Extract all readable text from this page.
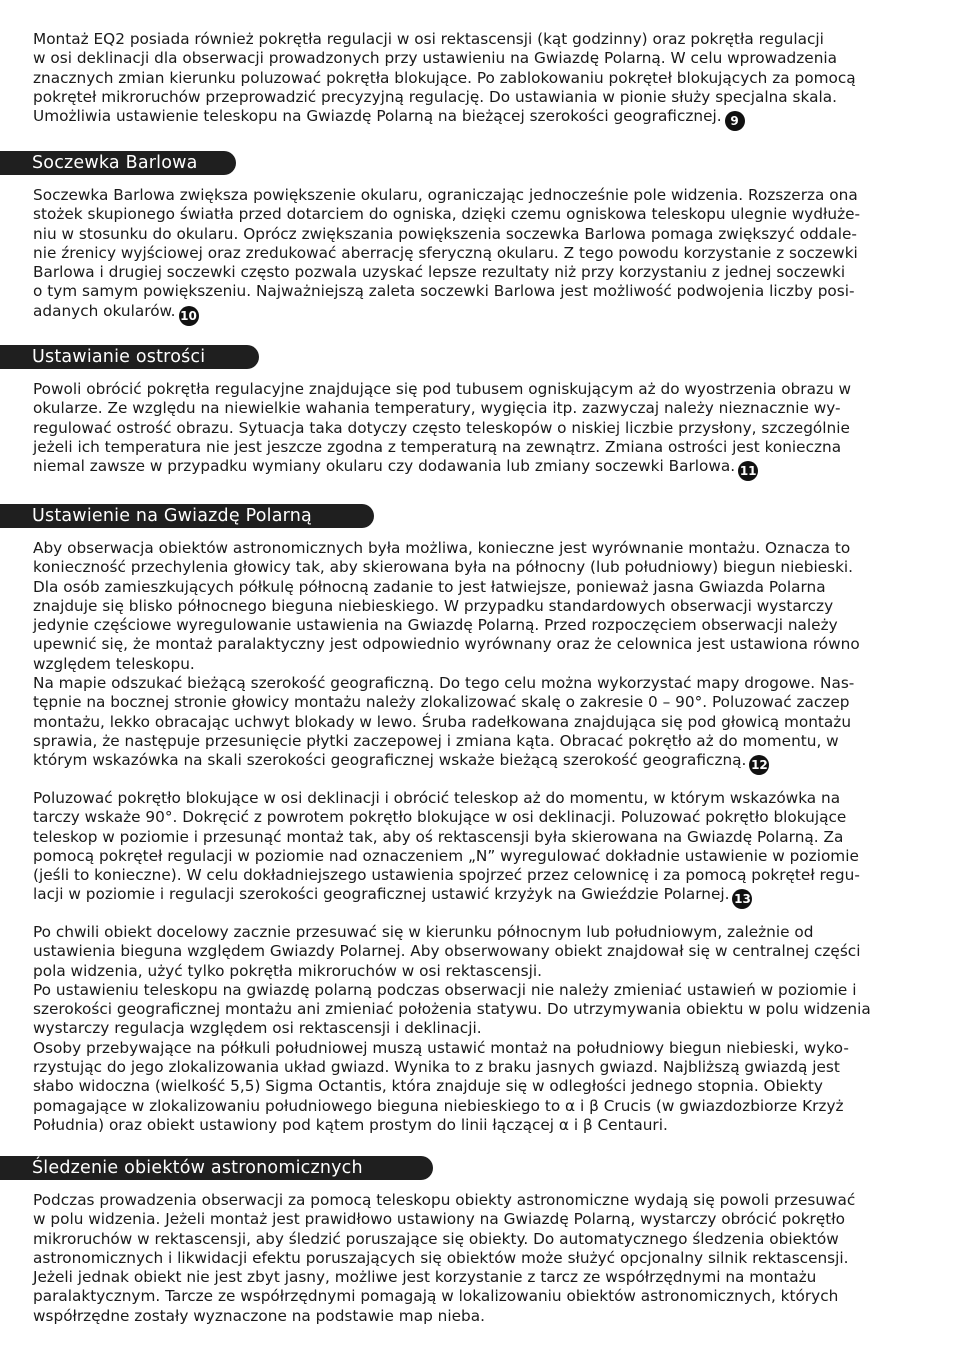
Montaż EQ2 posiada również pokrętła regulacji w osi rektascensji (kąt godzinny) oraz pokrętła regulacji
w osi deklinacji dla obserwacji prowadzonych przy ustawieniu na Gwiazdę Polarną. W celu wprowadzenia
znacznych zmian kierunku poluzować pokrętła blokujące. Po zablokowaniu pokręteł blokujących za pomocą
pokręteł mikroruchów przeprowadzić precyzyjną regulację. Do ustawiania w pionie służy specjalna skala.
Umożliwia ustawienie teleskopu na Gwiazdę Polarną na bieżącej szerokości geograficznej. 9
Soczewka Barlowa
Soczewka Barlowa zwiększa powiększenie okularu, ograniczając jednocześnie pole widzenia. Rozszerza ona
stożek skupionego światła przed dotarciem do ogniska, dzięki czemu ogniskowa teleskopu ulegnie wydłuże-
niu w stosunku do okularu. Oprócz zwiększania powiększenia soczewka Barlowa pomaga zwiększyć oddale-
nie źrenicy wyjściowej oraz zredukować aberrację sferyczną okularu. Z tego powodu korzystanie z soczewki
Barlowa i drugiej soczewki często pozwala uzyskać lepsze rezultaty niż przy korzystaniu z jednej soczewki
o tym samym powiększeniu. Najważniejszą zaleta soczewki Barlowa jest możliwość podwojenia liczby posi-
adanych okularów. 10
Ustawianie ostrości
Powoli obrócić pokrętła regulacyjne znajdujące się pod tubusem ogniskującym aż do wyostrzenia obrazu w
okularze. Ze względu na niewielkie wahania temperatury, wygięcia itp. zazwyczaj należy nieznacznie wy-
regulować ostrość obrazu. Sytuacja taka dotyczy często teleskopów o niskiej liczbie przysłony, szczególnie
jeżeli ich temperatura nie jest jeszcze zgodna z temperaturą na zewnątrz. Zmiana ostrości jest konieczna
niemal zawsze w przypadku wymiany okularu czy dodawania lub zmiany soczewki Barlowa. 11
Ustawienie na Gwiazdę Polarną
Aby obserwacja obiektów astronomicznych była możliwa, konieczne jest wyrównanie montażu. Oznacza to
konieczność przechylenia głowicy tak, aby skierowana była na północny (lub południowy) biegun niebieski.
Dla osób zamieszkujących półkulę północną zadanie to jest łatwiejsze, ponieważ jasna Gwiazda Polarna
znajduje się blisko północnego bieguna niebieskiego. W przypadku standardowych obserwacji wystarczy
jedynie częściowe wyregulowanie ustawienia na Gwiazdę Polarną. Przed rozpoczęciem obserwacji należy
upewnić się, że montaż paralaktyczny jest odpowiednio wyrównany oraz że celownica jest ustawiona równo
względem teleskopu.
Na mapie odszukać bieżącą szerokość geograficzną. Do tego celu można wykorzystać mapy drogowe. Nas-
tępnie na bocznej stronie głowicy montażu należy zlokalizować skalę o zakresie 0 – 90°. Poluzować zaczep
montażu, lekko obracając uchwyt blokady w lewo. Śruba radełkowana znajdująca się pod głowicą montażu
sprawia, że następuje przesunięcie płytki zaczepowej i zmiana kąta. Obracać pokrętło aż do momentu, w
którym wskazówka na skali szerokości geograficznej wskaże bieżącą szerokość geograficzną. 12
Poluzować pokrętło blokujące w osi deklinacji i obrócić teleskop aż do momentu, w którym wskazówka na
tarczy wskaże 90°. Dokręcić z powrotem pokrętło blokujące w osi deklinacji. Poluzować pokrętło blokujące
teleskop w poziomie i przesunąć montaż tak, aby oś rektascensji była skierowana na Gwiazdę Polarną. Za
pomocą pokręteł regulacji w poziomie nad oznaczeniem „N” wyregulować dokładnie ustawienie w poziomie
(jeśli to konieczne). W celu dokładniejszego ustawienia spojrzeć przez celownicę i za pomocą pokręteł regu-
lacji w poziomie i regulacji szerokości geograficznej ustawić krzyżyk na Gwieździe Polarnej. 13
Po chwili obiekt docelowy zacznie przesuwać się w kierunku północnym lub południowym, zależnie od
ustawienia bieguna względem Gwiazdy Polarnej. Aby obserwowany obiekt znajdował się w centralnej części
pola widzenia, użyć tylko pokrętła mikroruchów w osi rektascensji.
Po ustawieniu teleskopu na gwiazdę polarną podczas obserwacji nie należy zmieniać ustawień w poziomie i
szerokości geograficznej montażu ani zmieniać położenia statywu. Do utrzymywania obiektu w polu widzenia
wystarczy regulacja względem osi rektascensji i deklinacji.
Osoby przebywające na półkuli południowej muszą ustawić montaż na południowy biegun niebieski, wyko-
rzystując do jego zlokalizowania układ gwiazd. Wynika to z braku jasnych gwiazd. Najbliższą gwiazdą jest
słabo widoczna (wielkość 5,5) Sigma Octantis, która znajduje się w odległości jednego stopnia. Obiekty
pomagające w zlokalizowaniu południowego bieguna niebieskiego to α i β Crucis (w gwiazdozbiorze Krzyż
Południa) oraz obiekt ustawiony pod kątem prostym do linii łączącej α i β Centauri.
Śledzenie obiektów astronomicznych
Podczas prowadzenia obserwacji za pomocą teleskopu obiekty astronomiczne wydają się powoli przesuwać
w polu widzenia. Jeżeli montaż jest prawidłowo ustawiony na Gwiazdę Polarną, wystarczy obrócić pokrętło
mikroruchów w rektascensji, aby śledzić poruszające się obiekty. Do automatycznego śledzenia obiektów
astronomicznych i likwidacji efektu poruszających się obiektów może służyć opcjonalny silnik rektascensji.
Jeżeli jednak obiekt nie jest zbyt jasny, możliwe jest korzystanie z tarcz ze współrzędnymi na montażu
paralaktycznym. Tarcze ze współrzędnymi pomagają w lokalizowaniu obiektów astronomicznych, których
współrzędne zostały wyznaczone na podstawie map nieba.
